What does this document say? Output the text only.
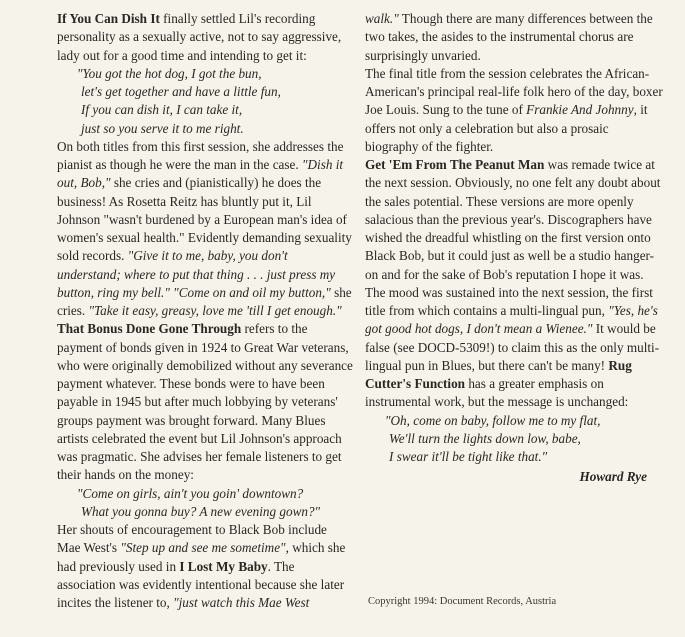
If You Can Dish It finally settled Lil's recording personality as a sexually active, not to say aggressive, lady out for a good time and intending to get it:

"You got the hot dog, I got the bun,
let's get together and have a little fun,
If you can dish it, I can take it,
just so you serve it to me right.

On both titles from this first session, she addresses the pianist as though he were the man in the case. "Dish it out, Bob," she cries and (pianistically) he does the business! As Rosetta Reitz has bluntly put it, Lil Johnson "wasn't burdened by a European man's idea of women's sexual health." Evidently demanding sexuality sold records. "Give it to me, baby, you don't understand; where to put that thing . . . just press my button, ring my bell." "Come on and oil my button," she cries. "Take it easy, greasy, love me 'till I get enough."

That Bonus Done Gone Through refers to the payment of bonds given in 1924 to Great War veterans, who were originally demobilized without any severance payment whatever. These bonds were to have been payable in 1945 but after much lobbying by veterans' groups payment was brought forward. Many Blues artists celebrated the event but Lil Johnson's approach was pragmatic. She advises her female listeners to get their hands on the money:

"Come on girls, ain't you goin' downtown?
What you gonna buy? A new evening gown?"

Her shouts of encouragement to Black Bob include Mae West's "Step up and see me sometime", which she had previously used in I Lost My Baby. The association was evidently intentional because she later incites the listener to, "just watch this Mae West

walk." Though there are many differences between the two takes, the asides to the instrumental chorus are surprisingly unvaried.

The final title from the session celebrates the African-American's principal real-life folk hero of the day, boxer Joe Louis. Sung to the tune of Frankie And Johnny, it offers not only a celebration but also a prosaic biography of the fighter.

Get 'Em From The Peanut Man was remade twice at the next session. Obviously, no one felt any doubt about the sales potential. These versions are more openly salacious than the previous year's. Discographers have wished the dreadful whistling on the first version onto Black Bob, but it could just as well be a studio hanger-on and for the sake of Bob's reputation I hope it was.

The mood was sustained into the next session, the first title from which contains a multi-lingual pun, "Yes, he's got good hot dogs, I don't mean a Wienee." It would be false (see DOCD-5309!) to claim this as the only multi-lingual pun in Blues, but there can't be many! Rug Cutter's Function has a greater emphasis on instrumental work, but the message is unchanged:

"Oh, come on baby, follow me to my flat,
We'll turn the lights down low, babe,
I swear it'll be tight like that."
Howard Rye
Copyright 1994: Document Records, Austria
